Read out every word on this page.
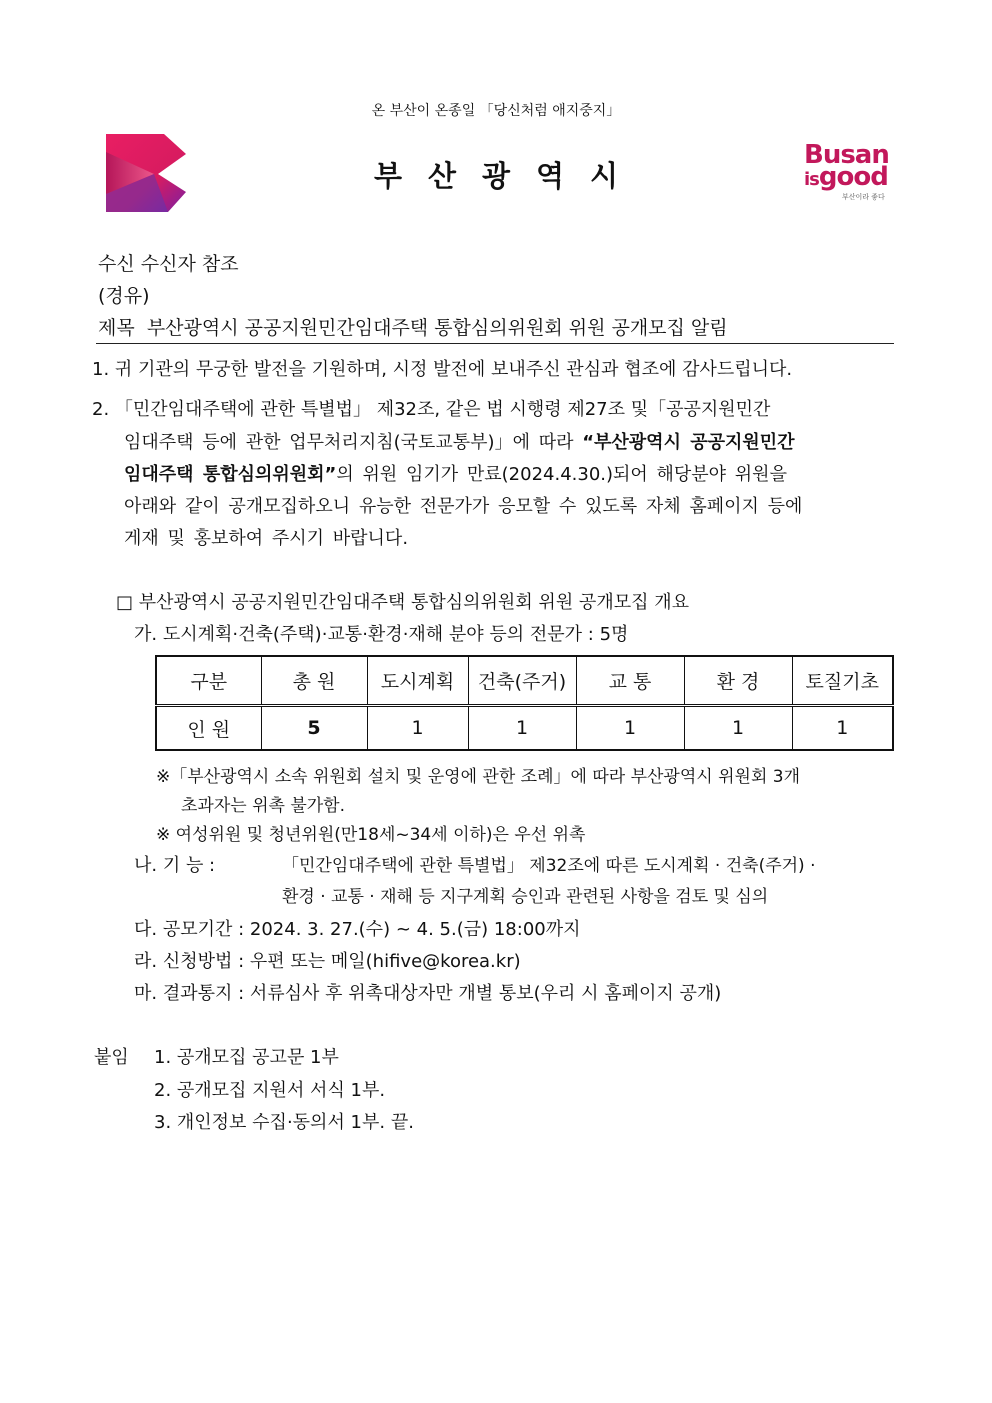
온 부산이 온종일 「당신처럼 애지중지」
부산광역시
Busan
isgood
부산이라 좋다
수신 수신자 참조
(경유)
제목 부산광역시 공공지원민간임대주택 통합심의위원회 위원 공개모집 알림
1. 귀 기관의 무궁한 발전을 기원하며, 시정 발전에 보내주신 관심과 협조에 감사드립니다.
2. 「민간임대주택에 관한 특별법」 제32조, 같은 법 시행령 제27조 및「공공지원민간
임대주택 등에 관한 업무처리지침(국토교통부)」에 따라 “부산광역시 공공지원민간
임대주택 통합심의위원회”의 위원 임기가 만료(2024.4.30.)되어 해당분야 위원을
아래와 같이 공개모집하오니 유능한 전문가가 응모할 수 있도록 자체 홈페이지 등에
게재 및 홍보하여 주시기 바랍니다.
□ 부산광역시 공공지원민간임대주택 통합심의위원회 위원 공개모집 개요
가. 도시계획·건축(주택)·교통·환경·재해 분야 등의 전문가 : 5명
구분	총 원	도시계획	건축(주거)	교 통	환 경	토질기초
인 원	5	1	1	1	1	1
※「부산광역시 소속 위원회 설치 및 운영에 관한 조례」에 따라 부산광역시 위원회 3개
초과자는 위촉 불가함.
※ 여성위원 및 청년위원(만18세~34세 이하)은 우선 위촉
나. 기 능 :	「민간임대주택에 관한 특별법」 제32조에 따른 도시계획 · 건축(주거) ·
환경 · 교통 · 재해 등 지구계획 승인과 관련된 사항을 검토 및 심의
다. 공모기간 : 2024. 3. 27.(수) ~ 4. 5.(금) 18:00까지
라. 신청방법 : 우편 또는 메일(hifive@korea.kr)
마. 결과통지 : 서류심사 후 위촉대상자만 개별 통보(우리 시 홈페이지 공개)
붙임 1. 공개모집 공고문 1부
2. 공개모집 지원서 서식 1부.
3. 개인정보 수집·동의서 1부. 끝.
